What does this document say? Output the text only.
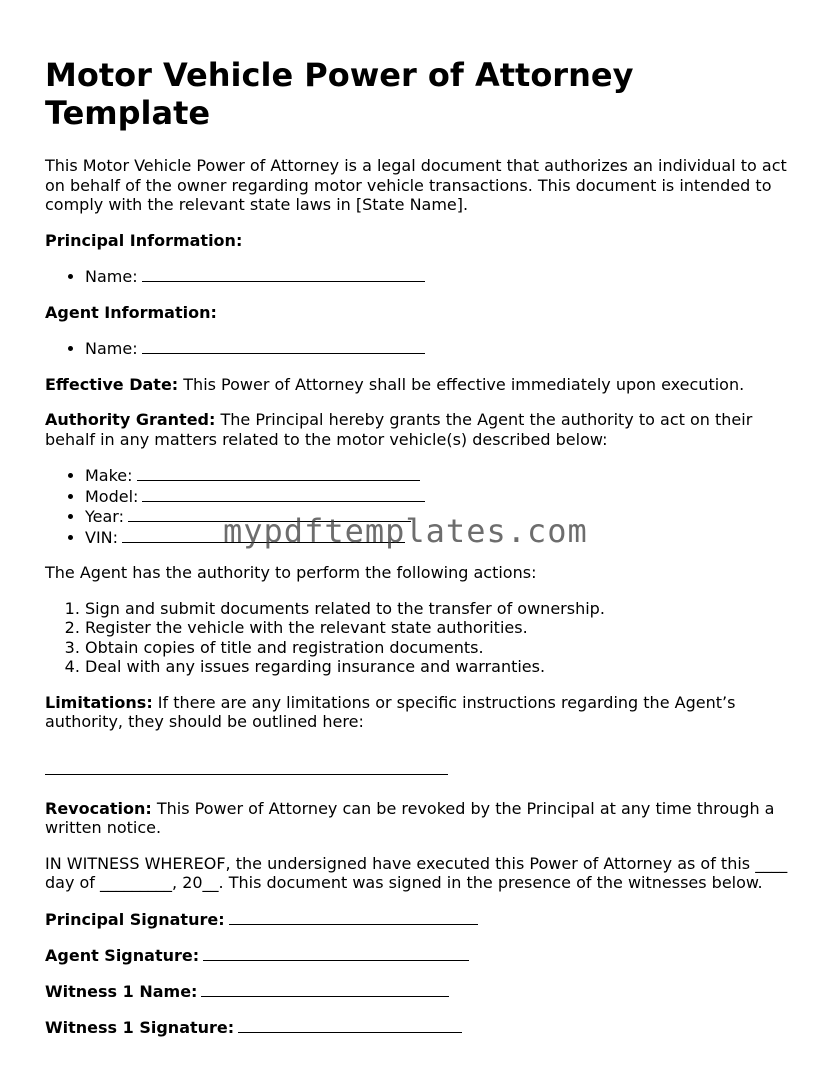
Motor Vehicle Power of Attorney Template

This Motor Vehicle Power of Attorney is a legal document that authorizes an individual to act on behalf of the owner regarding motor vehicle transactions. This document is intended to comply with the relevant state laws in [State Name].

Principal Information:

• Name:

Agent Information:

• Name:

Effective Date: This Power of Attorney shall be effective immediately upon execution.

Authority Granted: The Principal hereby grants the Agent the authority to act on their behalf in any matters related to the motor vehicle(s) described below:

• Make:
• Model:
• Year:
• VIN:

The Agent has the authority to perform the following actions:

1. Sign and submit documents related to the transfer of ownership.
2. Register the vehicle with the relevant state authorities.
3. Obtain copies of title and registration documents.
4. Deal with any issues regarding insurance and warranties.

Limitations: If there are any limitations or specific instructions regarding the Agent’s authority, they should be outlined here:

Revocation: This Power of Attorney can be revoked by the Principal at any time through a written notice.

IN WITNESS WHEREOF, the undersigned have executed this Power of Attorney as of this ____ day of _________, 20__. This document was signed in the presence of the witnesses below.

Principal Signature:

Agent Signature:

Witness 1 Name:

Witness 1 Signature:

mypdftemplates.com
